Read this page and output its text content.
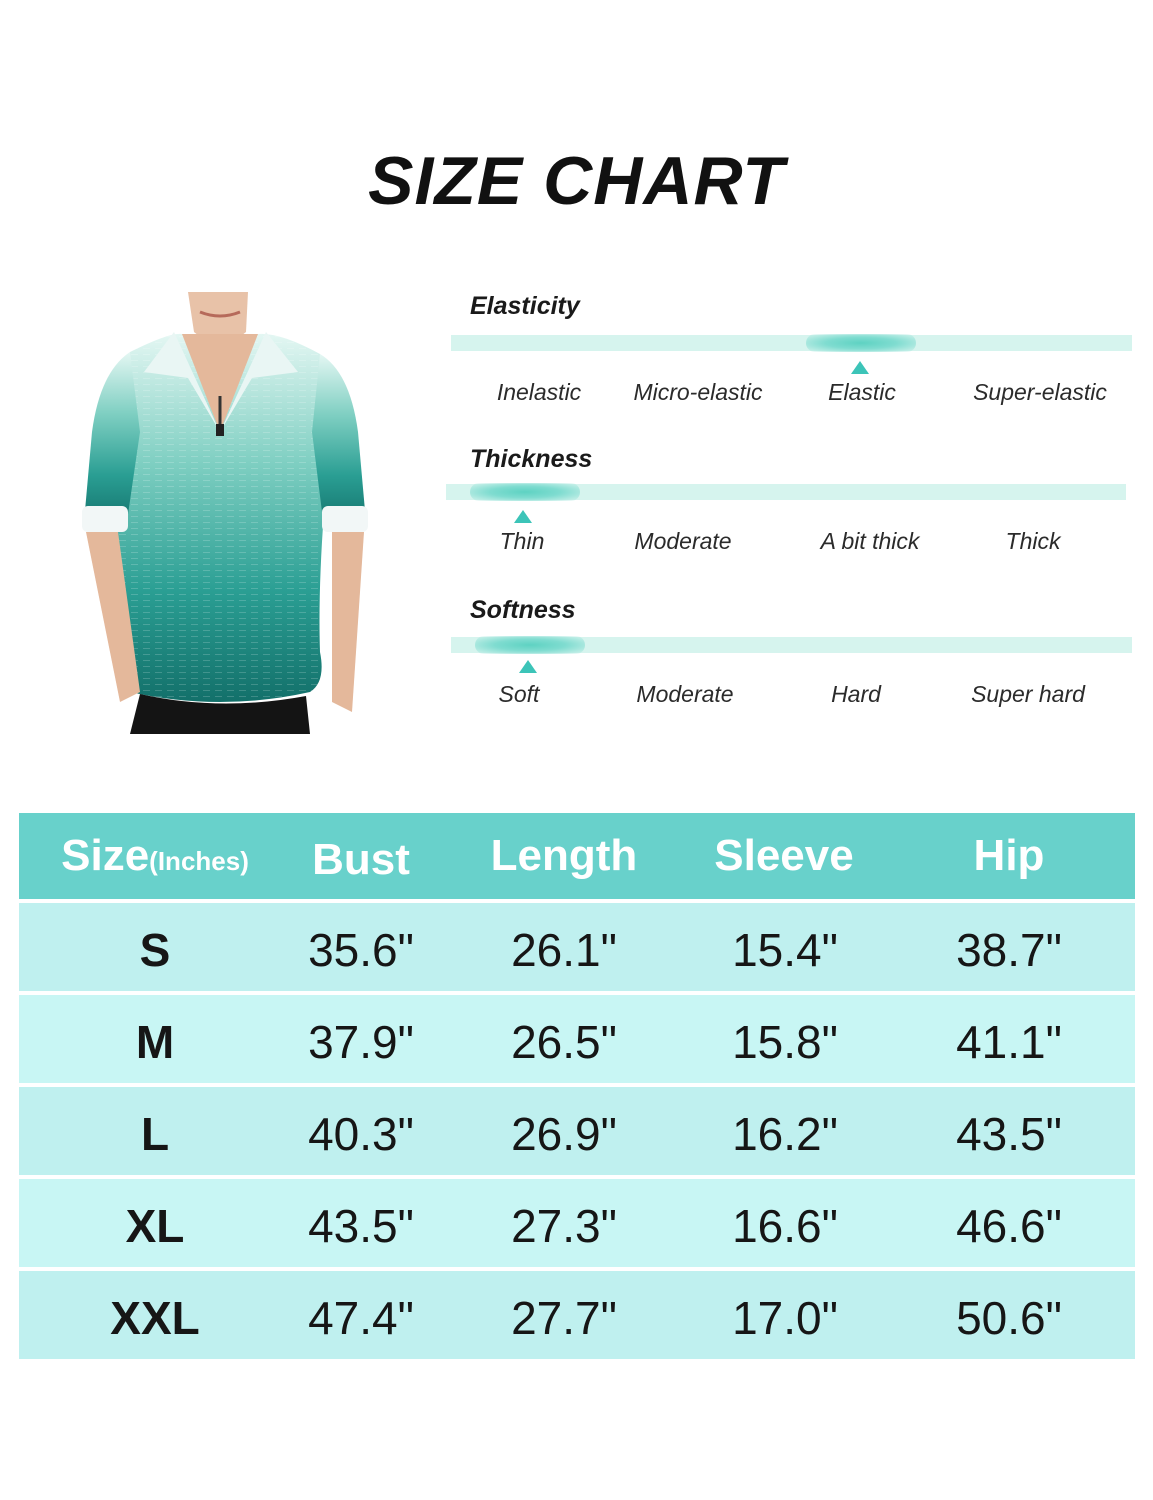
SIZE CHART
Elasticity
Inelastic Micro-elastic	Elastic	Super-elastic
Thickness
Thin	Moderate	A bit thick	Thick
Softness
Soft	Moderate	Hard	Super hard
Size(Inches) Bust Length Sleeve	Hip
S	35.6" 26.1"	15.4"	38.7"
M	37.9" 26.5"	15.8"	41.1"
L	40.3" 26.9"	16.2"	43.5"
XL	43.5" 27.3"	16.6"	46.6"
XXL 47.4" 27.7"	17.0"	50.6"
